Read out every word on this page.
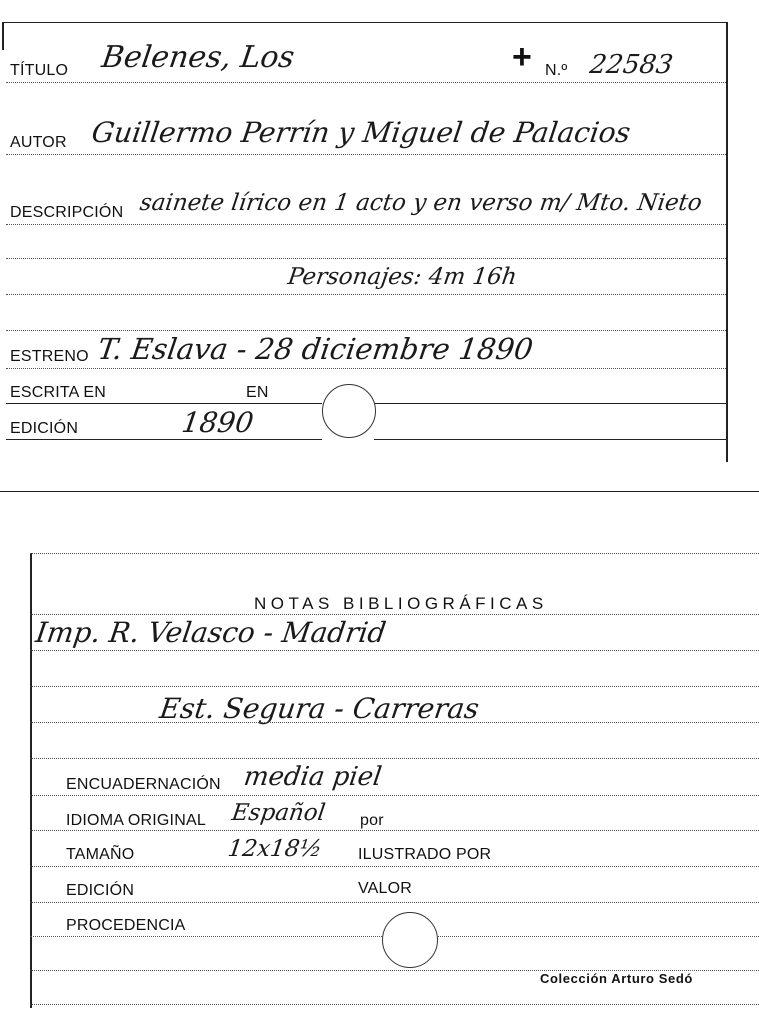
TÍTULO Belenes, Los	+ N.º 22583
AUTOR Guillermo Perrín y Miguel de Palacios
DESCRIPCIÓN sainete lírico en 1 acto y en verso m/ Mto. Nieto
Personajes: 4m 16h
ESTRENO T. Eslava - 28 diciembre 1890
ESCRITA EN	EN
EDICIÓN	1890
NOTAS BIBLIOGRÁFICAS
Imp. R. Velasco - Madrid
Est. Segura - Carreras
ENCUADERNACIÓN media piel
IDIOMA ORIGINAL Español por
TAMAÑO	12x18½ ILUSTRADO POR
EDICIÓN	VALOR
PROCEDENCIA
Colección Arturo Sedó
